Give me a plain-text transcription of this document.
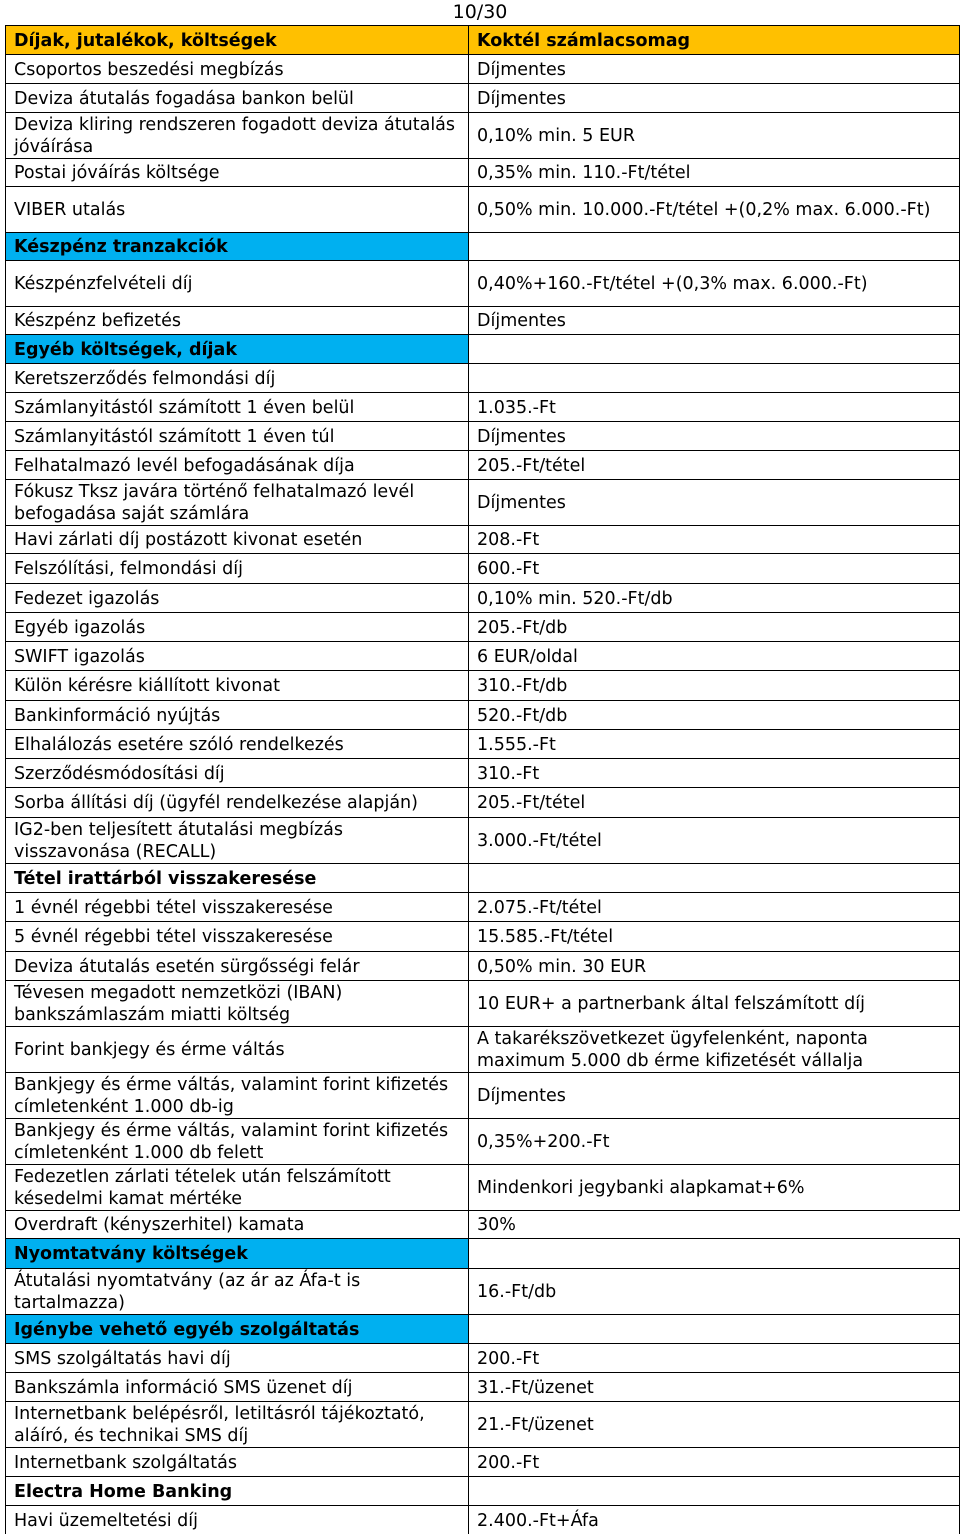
10/30
Díjak, jutalékok, költségek	Koktél számlacsomag
Csoportos beszedési megbízás	Díjmentes
Deviza átutalás fogadása bankon belül	Díjmentes
Deviza kliring rendszeren fogadott deviza átutalás jóváírása	0,10% min. 5 EUR
Postai jóváírás költsége	0,35% min. 110.-Ft/tétel
VIBER utalás	0,50% min. 10.000.-Ft/tétel +(0,2% max. 6.000.-Ft)
Készpénz tranzakciók	
Készpénzfelvételi díj	0,40%+160.-Ft/tétel +(0,3% max. 6.000.-Ft)
Készpénz befizetés	Díjmentes
Egyéb költségek, díjak	
Keretszerződés felmondási díj	
Számlanyitástól számított 1 éven belül	1.035.-Ft
Számlanyitástól számított 1 éven túl	Díjmentes
Felhatalmazó levél befogadásának díja	205.-Ft/tétel
Fókusz Tksz javára történő felhatalmazó levél befogadása saját számlára	Díjmentes
Havi zárlati díj postázott kivonat esetén	208.-Ft
Felszólítási, felmondási díj	600.-Ft
Fedezet igazolás	0,10% min. 520.-Ft/db
Egyéb igazolás	205.-Ft/db
SWIFT igazolás	6 EUR/oldal
Külön kérésre kiállított kivonat	310.-Ft/db
Bankinformáció nyújtás	520.-Ft/db
Elhalálozás esetére szóló rendelkezés	1.555.-Ft
Szerződésmódosítási díj	310.-Ft
Sorba állítási díj (ügyfél rendelkezése alapján)	205.-Ft/tétel
IG2-ben teljesített átutalási megbízás visszavonása (RECALL)	3.000.-Ft/tétel
Tétel irattárból visszakeresése	
1 évnél régebbi tétel visszakeresése	2.075.-Ft/tétel
5 évnél régebbi tétel visszakeresése	15.585.-Ft/tétel
Deviza átutalás esetén sürgősségi felár	0,50% min. 30 EUR
Tévesen megadott nemzetközi (IBAN) bankszámlaszám miatti költség	10 EUR+ a partnerbank által felszámított díj
Forint bankjegy és érme váltás	A takarékszövetkezet ügyfelenként, naponta maximum 5.000 db érme kifizetését vállalja
Bankjegy és érme váltás, valamint forint kifizetés címletenként 1.000 db-ig	Díjmentes
Bankjegy és érme váltás, valamint forint kifizetés címletenként 1.000 db felett	0,35%+200.-Ft
Fedezetlen zárlati tételek után felszámított késedelmi kamat mértéke	Mindenkori jegybanki alapkamat+6%
Overdraft (kényszerhitel) kamata	30%
Nyomtatvány költségek	
Átutalási nyomtatvány (az ár az Áfa-t is tartalmazza)	16.-Ft/db
Igénybe vehető egyéb szolgáltatás	
SMS szolgáltatás havi díj	200.-Ft
Bankszámla információ SMS üzenet díj	31.-Ft/üzenet
Internetbank belépésről, letiltásról tájékoztató, aláíró, és technikai SMS díj	21.-Ft/üzenet
Internetbank szolgáltatás	200.-Ft
Electra Home Banking	
Havi üzemeltetési díj	2.400.-Ft+Áfa
